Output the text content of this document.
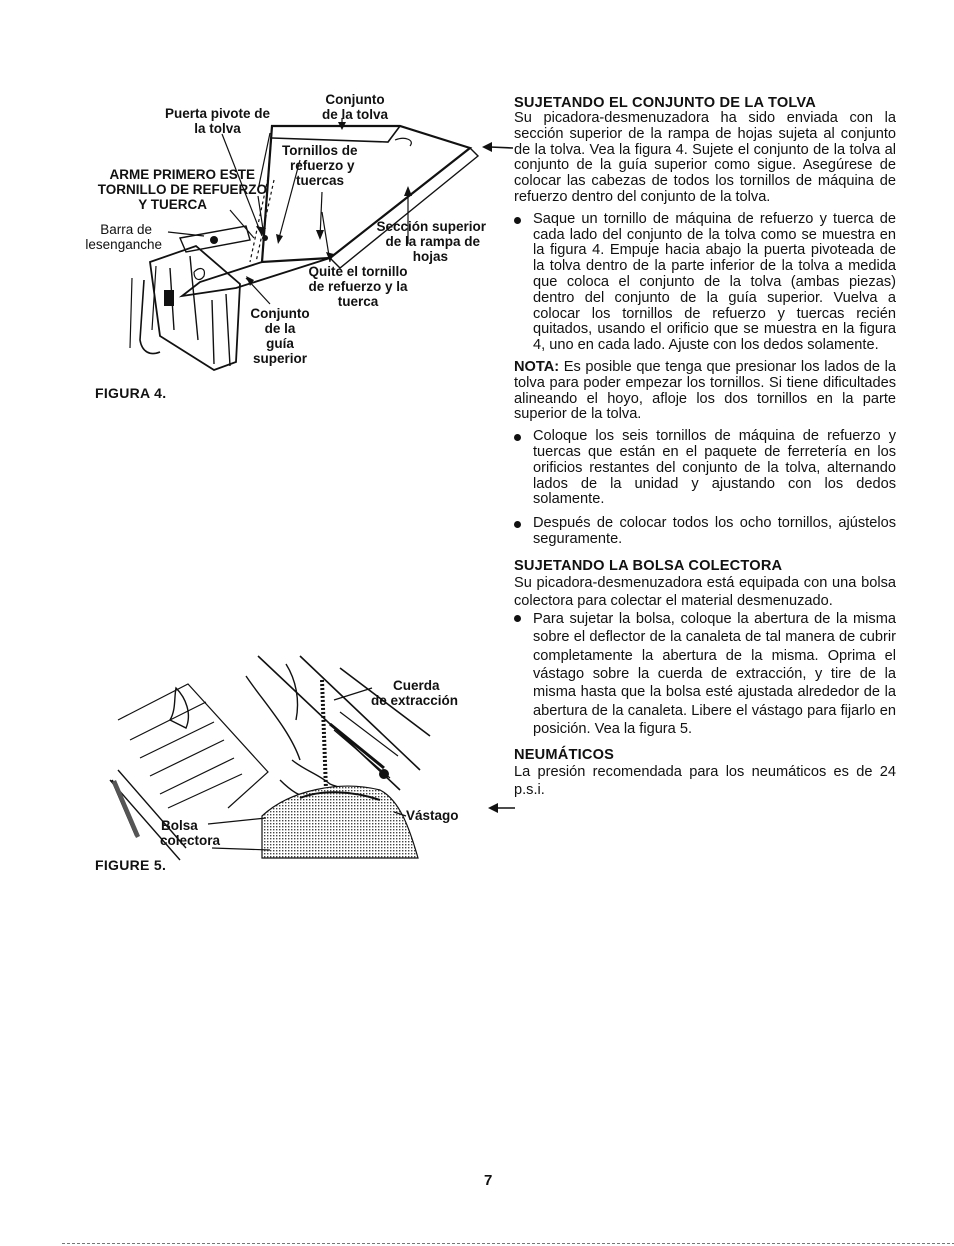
Conjunto
de la tolva
Puerta pivote de
la tolva
Tornillos de
refuerzo y
tuercas
ARME PRIMERO ESTE
TORNILLO DE REFUERZO
Y TUERCA
Barra de
lesenganche
Sección superior
de la rampa de
hojas
Quite el tornillo
de refuerzo y la
tuerca
Conjunto
de la
guía
superior
FIGURA 4.
Cuerda
de extracción
Bolsa
colectora
Vástago
FIGURE 5.
SUJETANDO EL CONJUNTO DE LA TOLVA

Su picadora-desmenuzadora ha sido enviada con la sección superior de la rampa de hojas sujeta al conjunto de la tolva. Vea la figura 4. Sujete el conjunto de la tolva al conjunto de la guía superior como sigue. Asegúrese de colocar las cabezas de todos los tornillos de máquina de refuerzo dentro del conjunto de la tolva.

Saque un tornillo de máquina de refuerzo y tuerca de cada lado del conjunto de la tolva como se muestra en la figura 4. Empuje hacia abajo la puerta pivoteada de la tolva dentro de la parte inferior de la tolva a medida que coloca el conjunto de la tolva (ambas piezas) dentro del conjunto de la guía superior. Vuelva a colocar los tornillos de refuerzo y tuercas recién quitados, usando el orificio que se muestra en la figura 4, uno en cada lado. Ajuste con los dedos solamente.

NOTA: Es posible que tenga que presionar los lados de la tolva para poder empezar los tornillos. Si tiene dificultades alineando el hoyo, afloje los dos tornillos en la parte superior de la tolva.

Coloque los seis tornillos de máquina de refuerzo y tuercas que están en el paquete de ferretería en los orificios restantes del conjunto de la tolva, alternando lados de la unidad y ajustando con los dedos solamente.
Después de colocar todos los ocho tornillos, ajústelos seguramente.
SUJETANDO LA BOLSA COLECTORA

Su picadora-desmenuzadora está equipada con una bolsa colectora para colectar el material desmenuzado.

Para sujetar la bolsa, coloque la abertura de la misma sobre el deflector de la canaleta de tal manera de cubrir completamente la abertura de la misma. Oprima el vástago sobre la cuerda de extracción, y tire de la misma hasta que la bolsa esté ajustada alrededor de la abertura de la canaleta. Libere el vástago para fijarlo en posición. Vea la figura 5.
NEUMÁTICOS

La presión recomendada para los neumáticos es de 24 p.s.i.

7
